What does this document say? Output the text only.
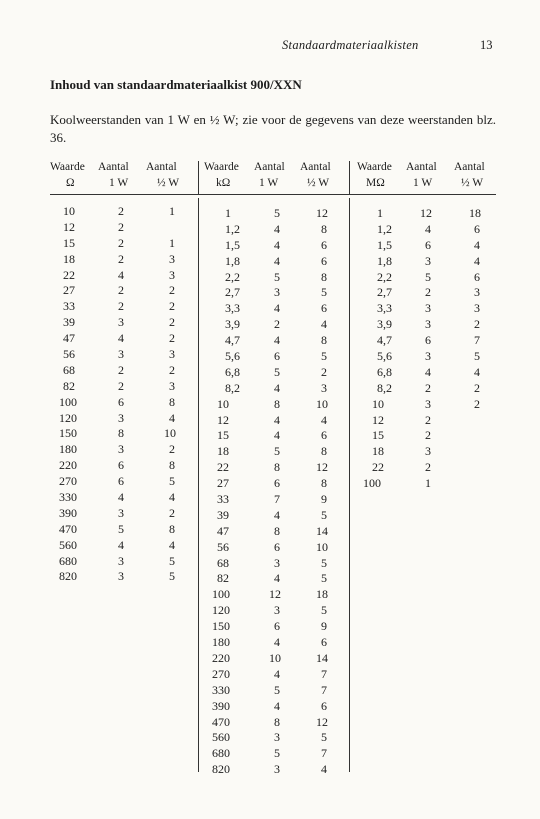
Standaardmateriaalkisten	13
Inhoud van standaardmateriaalkist 900/XXN
Koolweerstanden van 1 W en ½ W; zie voor de gegevens van deze weerstanden blz. 36.
Waarde Aantal Aantal
Ω	1 W ½ W
Waarde Aantal Aantal
kΩ 1 W ½ W
Waarde Aantal Aantal
MΩ 1 W ½ W
10	2	1
12	2
15	2	1
18	2	3
22	4	3
27	2	2
33	2	2
39	3	2
47	4	2
56	3	3
68	2	2
82	2	3
100	6	8
120	3	4
150	8	10
180	3	2
220	6	8
270	6	5
330	4	4
390	3	2
470	5	8
560	4	4
680	3	5
820	3	5
1	5	12
1,2	4	8
1,5	4	6
1,8	4	6
2,2	5	8
2,7	3	5
3,3	4	6
3,9	2	4
4,7	4	8
5,6	6	5
6,8	5	2
8,2	4	3
10	8	10
12	4	4
15	4	6
18	5	8
22	8	12
27	6	8
33	7	9
39	4	5
47	8	14
56	6	10
68	3	5
82	4	5
100	12	18
120	3	5
150	6	9
180	4	6
220	10	14
270	4	7
330	5	7
390	4	6
470	8	12
560	3	5
680	5	7
820	3	4
1	12	18
1,2	4	6
1,5	6	4
1,8	3	4
2,2	5	6
2,7	2	3
3,3	3	3
3,9	3	2
4,7	6	7
5,6	3	5
6,8	4	4
8,2	2	2
10	3	2
12	2
15	2
18	3
22	2
100	1
